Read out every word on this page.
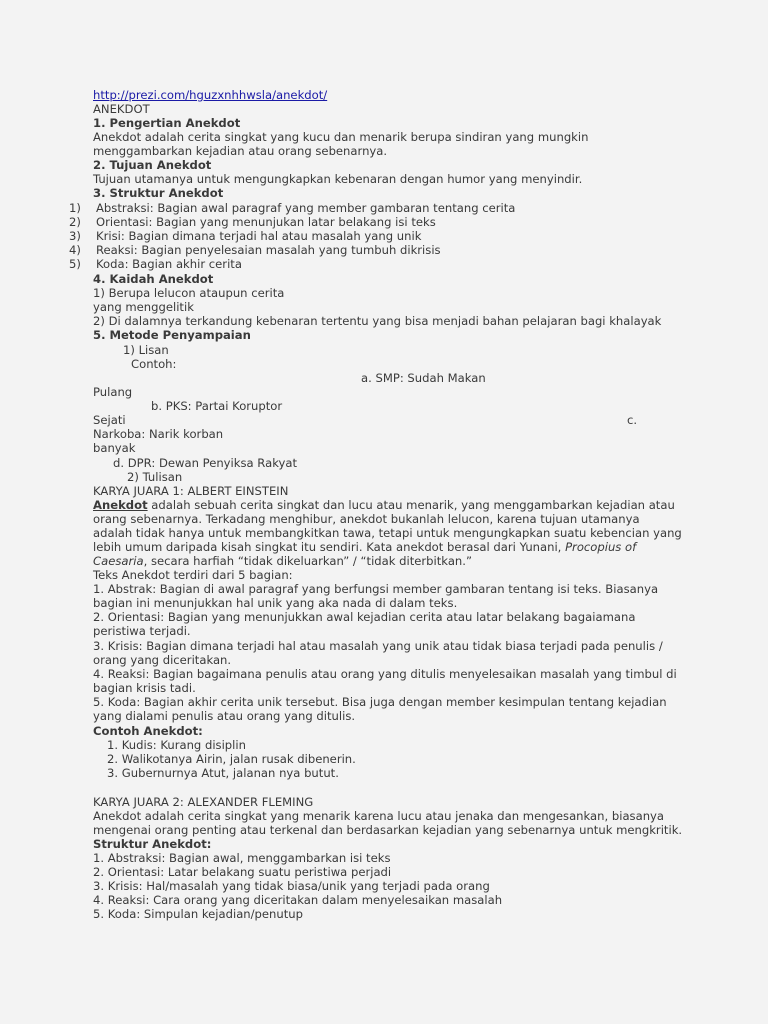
http://prezi.com/hguzxnhhwsla/anekdot/
ANEKDOT
1. Pengertian Anekdot
Anekdot adalah cerita singkat yang kucu dan menarik berupa sindiran yang mungkin
menggambarkan kejadian atau orang sebenarnya.
2. Tujuan Anekdot
Tujuan utamanya untuk mengungkapkan kebenaran dengan humor yang menyindir.
3. Struktur Anekdot
1) Abstraksi: Bagian awal paragraf yang member gambaran tentang cerita
2) Orientasi: Bagian yang menunjukan latar belakang isi teks
3) Krisi: Bagian dimana terjadi hal atau masalah yang unik
4) Reaksi: Bagian penyelesaian masalah yang tumbuh dikrisis
5) Koda: Bagian akhir cerita
4. Kaidah Anekdot
1) Berupa lelucon ataupun cerita
yang menggelitik
2) Di dalamnya terkandung kebenaran tertentu yang bisa menjadi bahan pelajaran bagi khalayak
5. Metode Penyampaian
1) Lisan
Contoh:
a. SMP: Sudah Makan
Pulang
b. PKS: Partai Koruptor
Sejati	c.
Narkoba: Narik korban
banyak
d. DPR: Dewan Penyiksa Rakyat
2) Tulisan
KARYA JUARA 1: ALBERT EINSTEIN
Anekdot adalah sebuah cerita singkat dan lucu atau menarik, yang menggambarkan kejadian atau
orang sebenarnya. Terkadang menghibur, anekdot bukanlah lelucon, karena tujuan utamanya
adalah tidak hanya untuk membangkitkan tawa, tetapi untuk mengungkapkan suatu kebencian yang
lebih umum daripada kisah singkat itu sendiri. Kata anekdot berasal dari Yunani, Procopius of
Caesaria, secara harfiah “tidak dikeluarkan” / “tidak diterbitkan.”
Teks Anekdot terdiri dari 5 bagian:
1. Abstrak: Bagian di awal paragraf yang berfungsi member gambaran tentang isi teks. Biasanya
bagian ini menunjukkan hal unik yang aka nada di dalam teks.
2. Orientasi: Bagian yang menunjukkan awal kejadian cerita atau latar belakang bagaiamana
peristiwa terjadi.
3. Krisis: Bagian dimana terjadi hal atau masalah yang unik atau tidak biasa terjadi pada penulis /
orang yang diceritakan.
4. Reaksi: Bagian bagaimana penulis atau orang yang ditulis menyelesaikan masalah yang timbul di
bagian krisis tadi.
5. Koda: Bagian akhir cerita unik tersebut. Bisa juga dengan member kesimpulan tentang kejadian
yang dialami penulis atau orang yang ditulis.
Contoh Anekdot:
1. Kudis: Kurang disiplin
2. Walikotanya Airin, jalan rusak dibenerin.
3. Gubernurnya Atut, jalanan nya butut.
KARYA JUARA 2: ALEXANDER FLEMING
Anekdot adalah cerita singkat yang menarik karena lucu atau jenaka dan mengesankan, biasanya
mengenai orang penting atau terkenal dan berdasarkan kejadian yang sebenarnya untuk mengkritik.
Struktur Anekdot:
1. Abstraksi: Bagian awal, menggambarkan isi teks
2. Orientasi: Latar belakang suatu peristiwa perjadi
3. Krisis: Hal/masalah yang tidak biasa/unik yang terjadi pada orang
4. Reaksi: Cara orang yang diceritakan dalam menyelesaikan masalah
5. Koda: Simpulan kejadian/penutup
